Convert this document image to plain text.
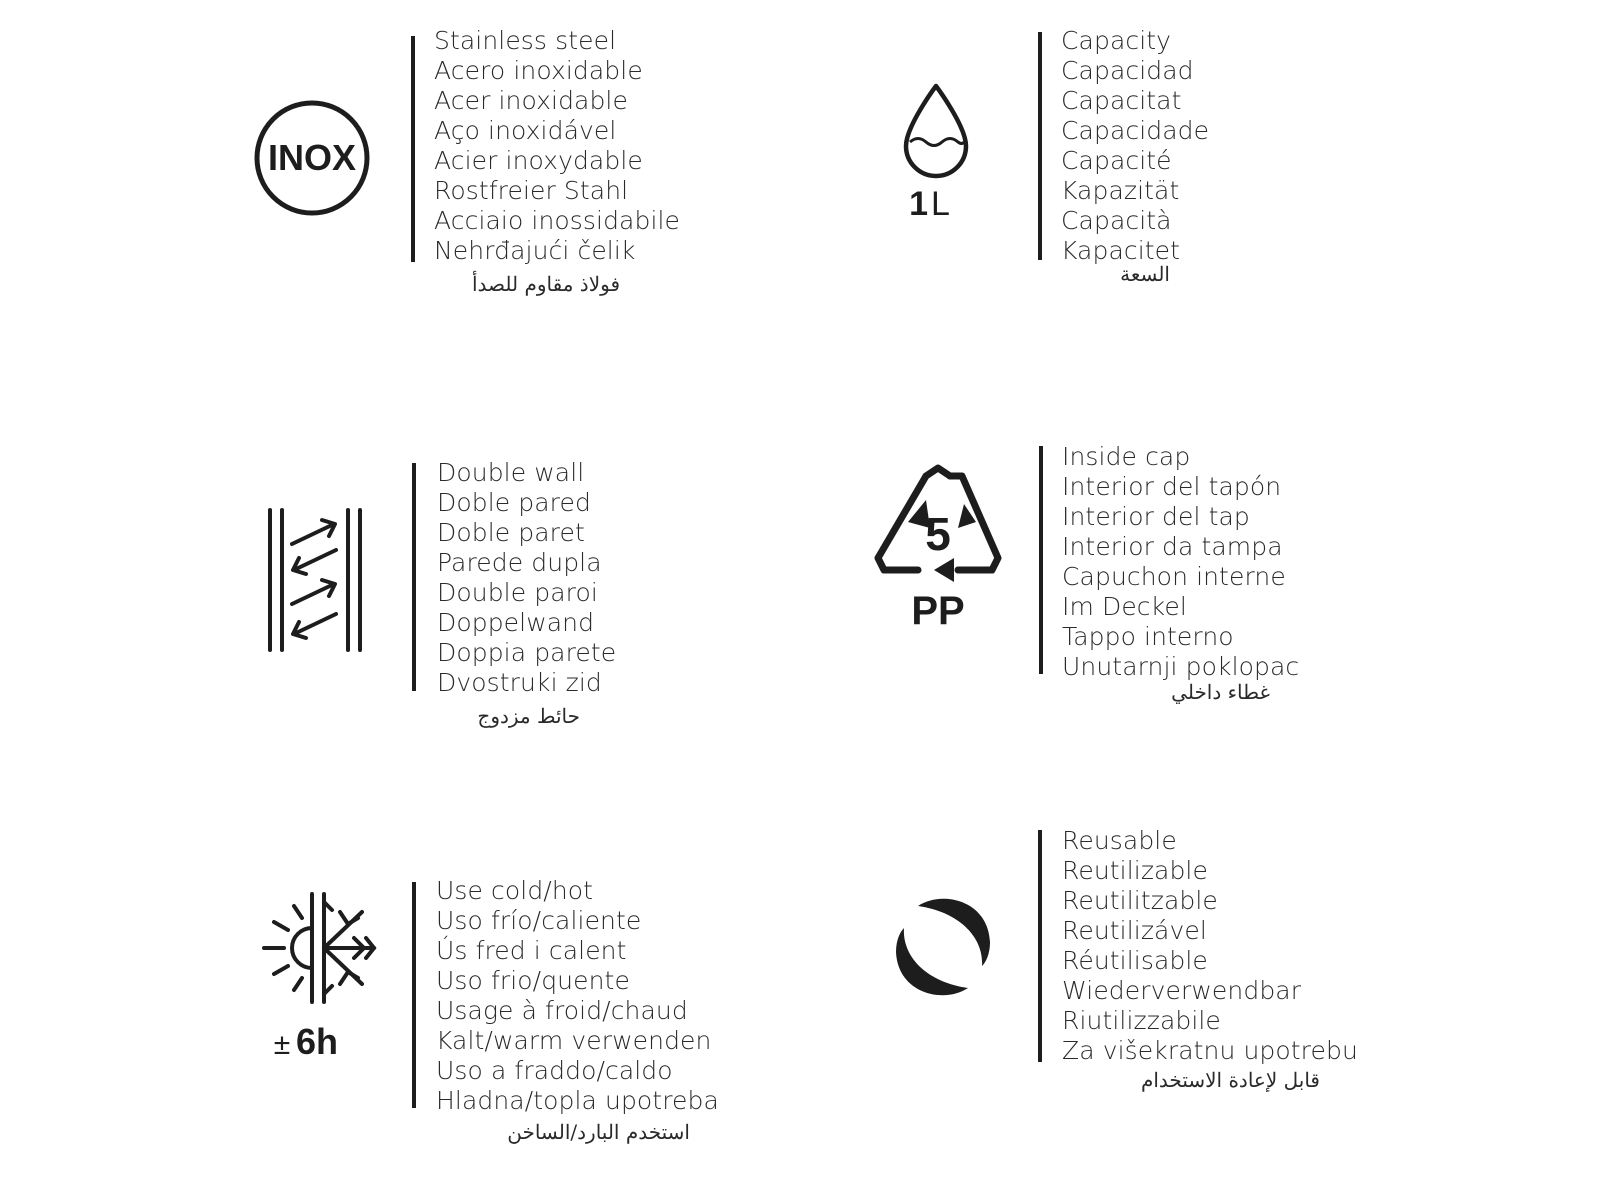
INOX
Stainless steel
Acero inoxidable
Acer inoxidable
Aço inoxidável
Acier inoxydable
Rostfreier Stahl
Acciaio inossidabile
Nehrđajući čelik
فولاذ مقاوم للصدأ
1 L
Capacity
Capacidad
Capacitat
Capacidade
Capacité
Kapazität
Capacità
Kapacitet
السعة
Double wall
Doble pared
Doble paret
Parede dupla
Double paroi
Doppelwand
Doppia parete
Dvostruki zid
حائط مزدوج
5
PP
Inside cap
Interior del tapón
Interior del tap
Interior da tampa
Capuchon interne
Im Deckel
Tappo interno
Unutarnji poklopac
غطاء داخلي
± 6h
Use cold/hot
Uso frío/caliente
Ús fred i calent
Uso frio/quente
Usage à froid/chaud
Kalt/warm verwenden
Uso a fraddo/caldo
Hladna/topla upotreba
استخدم البارد/الساخن
Reusable
Reutilizable
Reutilitzable
Reutilizável
Réutilisable
Wiederverwendbar
Riutilizzabile
Za višekratnu upotrebu
قابل لإعادة الاستخدام
